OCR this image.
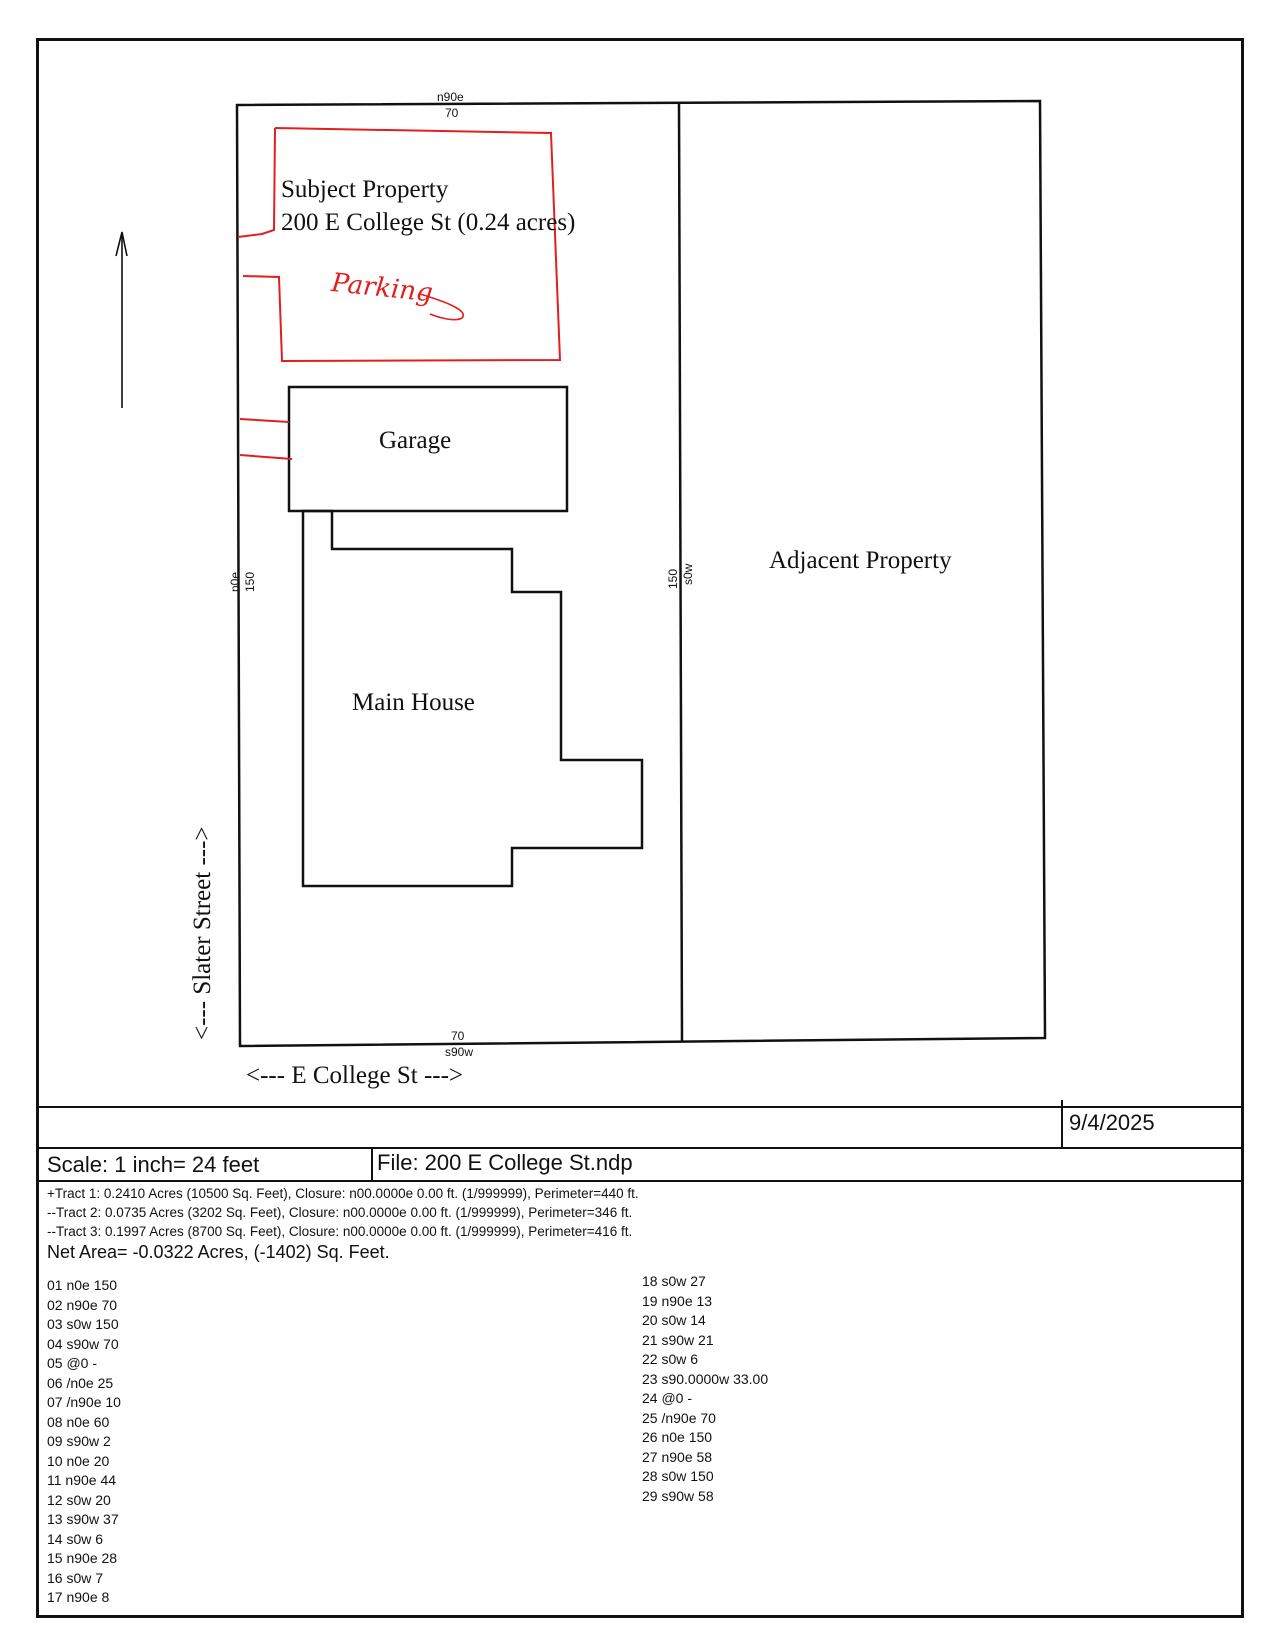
n90e
70
n0e 150	150 s0w
70
s90w
Subject Property
200 E College St (0.24 acres)
Parking
Garage
Main House
Adjacent Property
<--- Slater Street --->
<--- E College St --->
9/4/2025
Scale: 1 inch= 24 feet	File: 200 E College St.ndp
+Tract 1: 0.2410 Acres (10500 Sq. Feet), Closure: n00.0000e 0.00 ft. (1/999999), Perimeter=440 ft.
--Tract 2: 0.0735 Acres (3202 Sq. Feet), Closure: n00.0000e 0.00 ft. (1/999999), Perimeter=346 ft.
--Tract 3: 0.1997 Acres (8700 Sq. Feet), Closure: n00.0000e 0.00 ft. (1/999999), Perimeter=416 ft.
Net Area= -0.0322 Acres, (-1402) Sq. Feet.
01 n0e 150
02 n90e 70
03 s0w 150
04 s90w 70
05 @0 -
06 /n0e 25
07 /n90e 10
08 n0e 60
09 s90w 2
10 n0e 20
11 n90e 44
12 s0w 20
13 s90w 37
14 s0w 6
15 n90e 28
16 s0w 7
17 n90e 8
18 s0w 27
19 n90e 13
20 s0w 14
21 s90w 21
22 s0w 6
23 s90.0000w 33.00
24 @0 -
25 /n90e 70
26 n0e 150
27 n90e 58
28 s0w 150
29 s90w 58
